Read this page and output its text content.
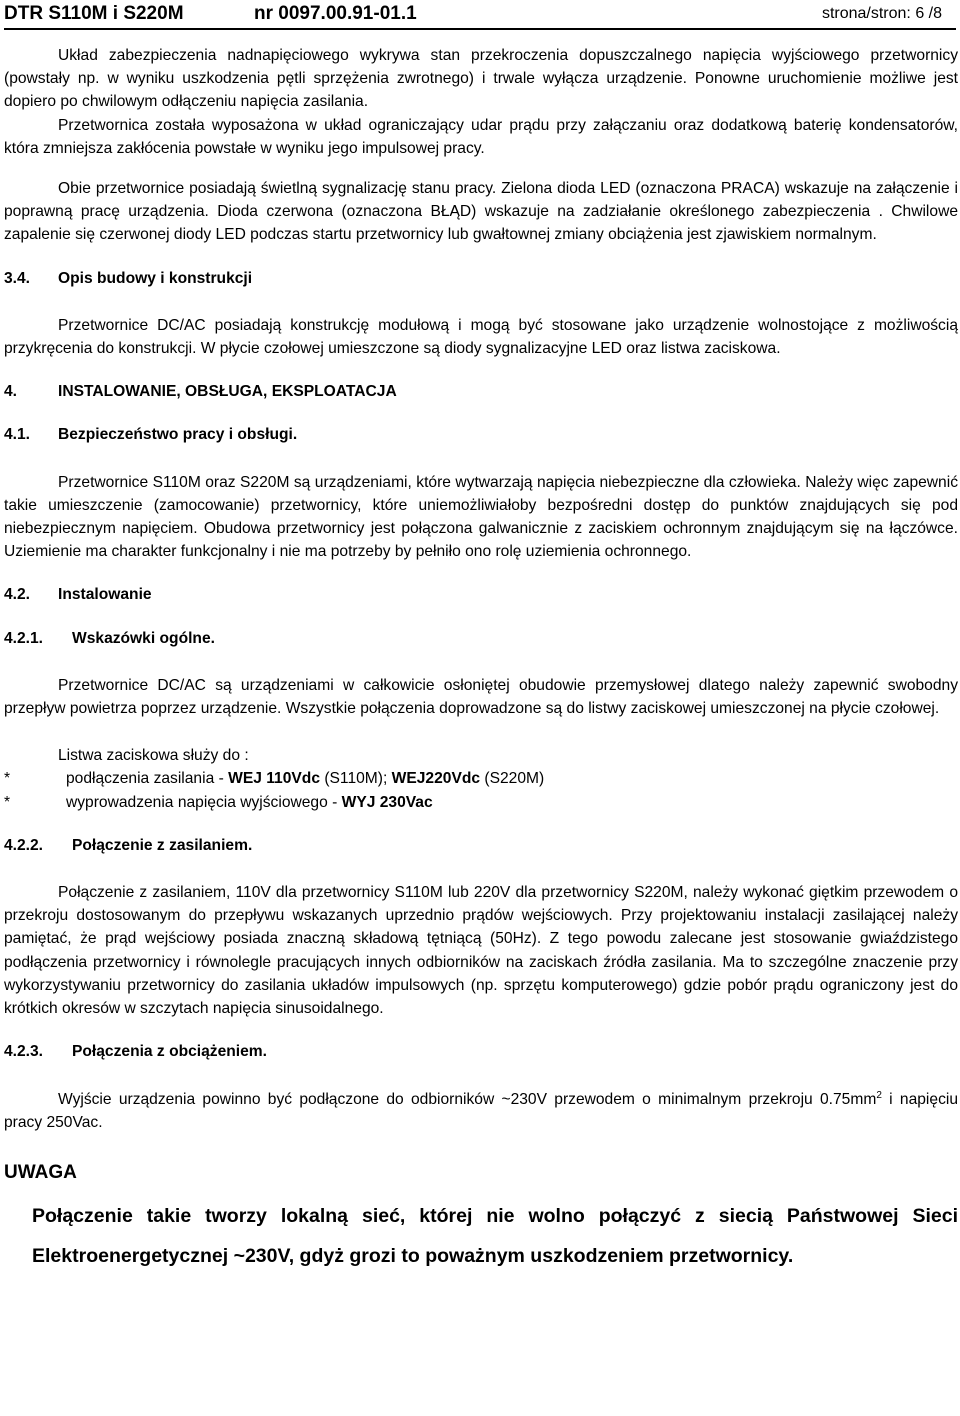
DTR S110M i S220M	nr 0097.00.91-01.1	strona/stron: 6 /8

Układ zabezpieczenia nadnapięciowego wykrywa stan przekroczenia dopuszczalnego napięcia wyjściowego przetwornicy (powstały np. w wyniku uszkodzenia pętli sprzężenia zwrotnego) i trwale wyłącza urządzenie. Ponowne uruchomienie możliwe jest dopiero po chwilowym odłączeniu napięcia zasilania.

Przetwornica została wyposażona w układ ograniczający udar prądu przy załączaniu oraz dodatkową baterię kondensatorów, która zmniejsza zakłócenia powstałe w wyniku jego impulsowej pracy.

Obie przetwornice posiadają świetlną sygnalizację stanu pracy. Zielona dioda LED (oznaczona PRACA) wskazuje na załączenie i poprawną pracę urządzenia. Dioda czerwona (oznaczona BŁĄD) wskazuje na zadziałanie określonego zabezpieczenia . Chwilowe zapalenie się czerwonej diody LED podczas startu przetwornicy lub gwałtownej zmiany obciążenia jest zjawiskiem normalnym.

3.4. Opis budowy i konstrukcji

Przetwornice DC/AC posiadają konstrukcję modułową i mogą być stosowane jako urządzenie wolnostojące z możliwością przykręcenia do konstrukcji. W płycie czołowej umieszczone są diody sygnalizacyjne LED oraz listwa zaciskowa.

4.	INSTALOWANIE, OBSŁUGA, EKSPLOATACJA

4.1. Bezpieczeństwo pracy i obsługi.

Przetwornice S110M oraz S220M są urządzeniami, które wytwarzają napięcia niebezpieczne dla człowieka. Należy więc zapewnić takie umieszczenie (zamocowanie) przetwornicy, które uniemożliwiałoby bezpośredni dostęp do punktów znajdujących się pod niebezpiecznym napięciem. Obudowa przetwornicy jest połączona galwanicznie z zaciskiem ochronnym znajdującym się na łączówce. Uziemienie ma charakter funkcjonalny i nie ma potrzeby by pełniło ono rolę uziemienia ochronnego.

4.2. Instalowanie

4.2.1. Wskazówki ogólne.

Przetwornice DC/AC są urządzeniami w całkowicie osłoniętej obudowie przemysłowej dlatego należy zapewnić swobodny przepływ powietrza poprzez urządzenie. Wszystkie połączenia doprowadzone są do listwy zaciskowej umieszczonej na płycie czołowej.

Listwa zaciskowa służy do :

*	podłączenia zasilania - WEJ 110Vdc (S110M); WEJ220Vdc (S220M)

*	wyprowadzenia napięcia wyjściowego - WYJ 230Vac

4.2.2. Połączenie z zasilaniem.

Połączenie z zasilaniem, 110V dla przetwornicy S110M lub 220V dla przetwornicy S220M, należy wykonać giętkim przewodem o przekroju dostosowanym do przepływu wskazanych uprzednio prądów wejściowych. Przy projektowaniu instalacji zasilającej należy pamiętać, że prąd wejściowy posiada znaczną składową tętniącą (50Hz). Z tego powodu zalecane jest stosowanie gwiaździstego podłączenia przetwornicy i równolegle pracujących innych odbiorników na zaciskach źródła zasilania. Ma to szczególne znaczenie przy wykorzystywaniu przetwornicy do zasilania układów impulsowych (np. sprzętu komputerowego) gdzie pobór prądu ograniczony jest do krótkich okresów w szczytach napięcia sinusoidalnego.

4.2.3. Połączenia z obciążeniem.

Wyjście urządzenia powinno być podłączone do odbiorników ~230V przewodem o minimalnym przekroju $0.75mm^2$ i napięciu pracy 250Vac.

UWAGA

Połączenie takie tworzy lokalną sieć, której nie wolno połączyć z siecią Państwowej Sieci Elektroenergetycznej ~230V, gdyż grozi to poważnym uszkodzeniem przetwornicy.
